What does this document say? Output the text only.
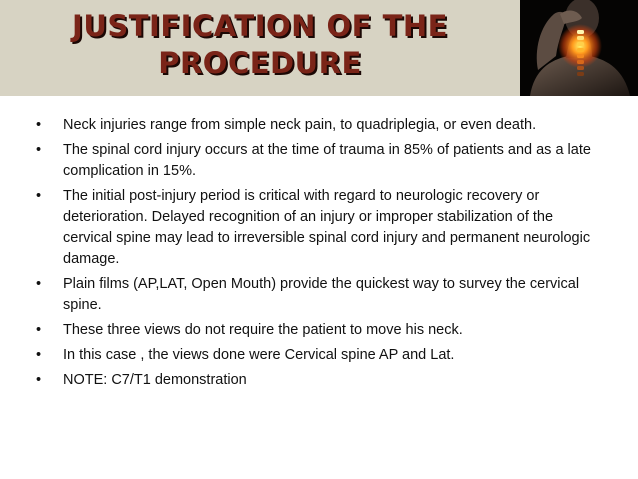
JUSTIFICATION OF THE
PROCEDURE
• Neck injuries range from simple neck pain, to quadriplegia, or even death.
• The spinal cord injury occurs at the time of trauma in 85% of patients and as a late complication in 15%.
• The initial post-injury period is critical with regard to neurologic recovery or deterioration. Delayed recognition of an injury or improper stabilization of the cervical spine may lead to irreversible spinal cord injury and permanent neurologic damage.
• Plain films (AP,LAT, Open Mouth) provide the quickest way to survey the cervical spine.
• These three views do not require the patient to move his neck.
• In this case , the views done were Cervical spine AP and Lat.
• NOTE: C7/T1 demonstration
